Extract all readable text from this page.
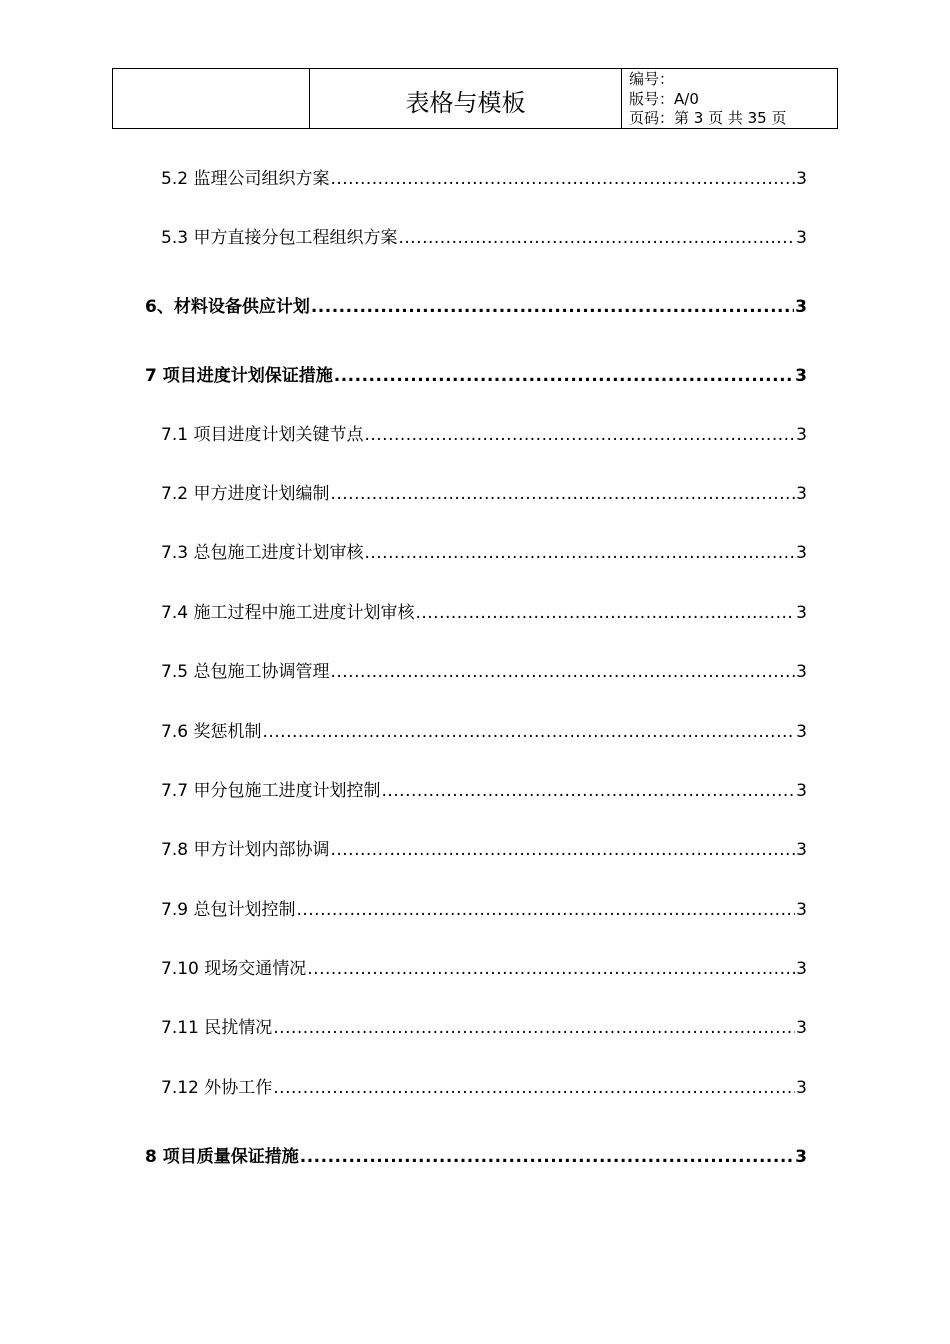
表格与模板
编号：
版号：A/0
页码：第 3 页 共 35 页
5.2 监理公司组织方案 .....	3
5.3 甲方直接分包工程组织方案 .....	3
6、材料设备供应计划 .....	3
7 项目进度计划保证措施 .....	3
7.1 项目进度计划关键节点 .....	3
7.2 甲方进度计划编制 .....	3
7.3 总包施工进度计划审核 .....	3
7.4 施工过程中施工进度计划审核 .....	3
7.5 总包施工协调管理 .....	3
7.6 奖惩机制 .....	3
7.7 甲分包施工进度计划控制 .....	3
7.8 甲方计划内部协调 .....	3
7.9 总包计划控制 .....	3
7.10 现场交通情况 .....	3
7.11 民扰情况 .....	3
7.12 外协工作 .....	3
8 项目质量保证措施 .....	3
